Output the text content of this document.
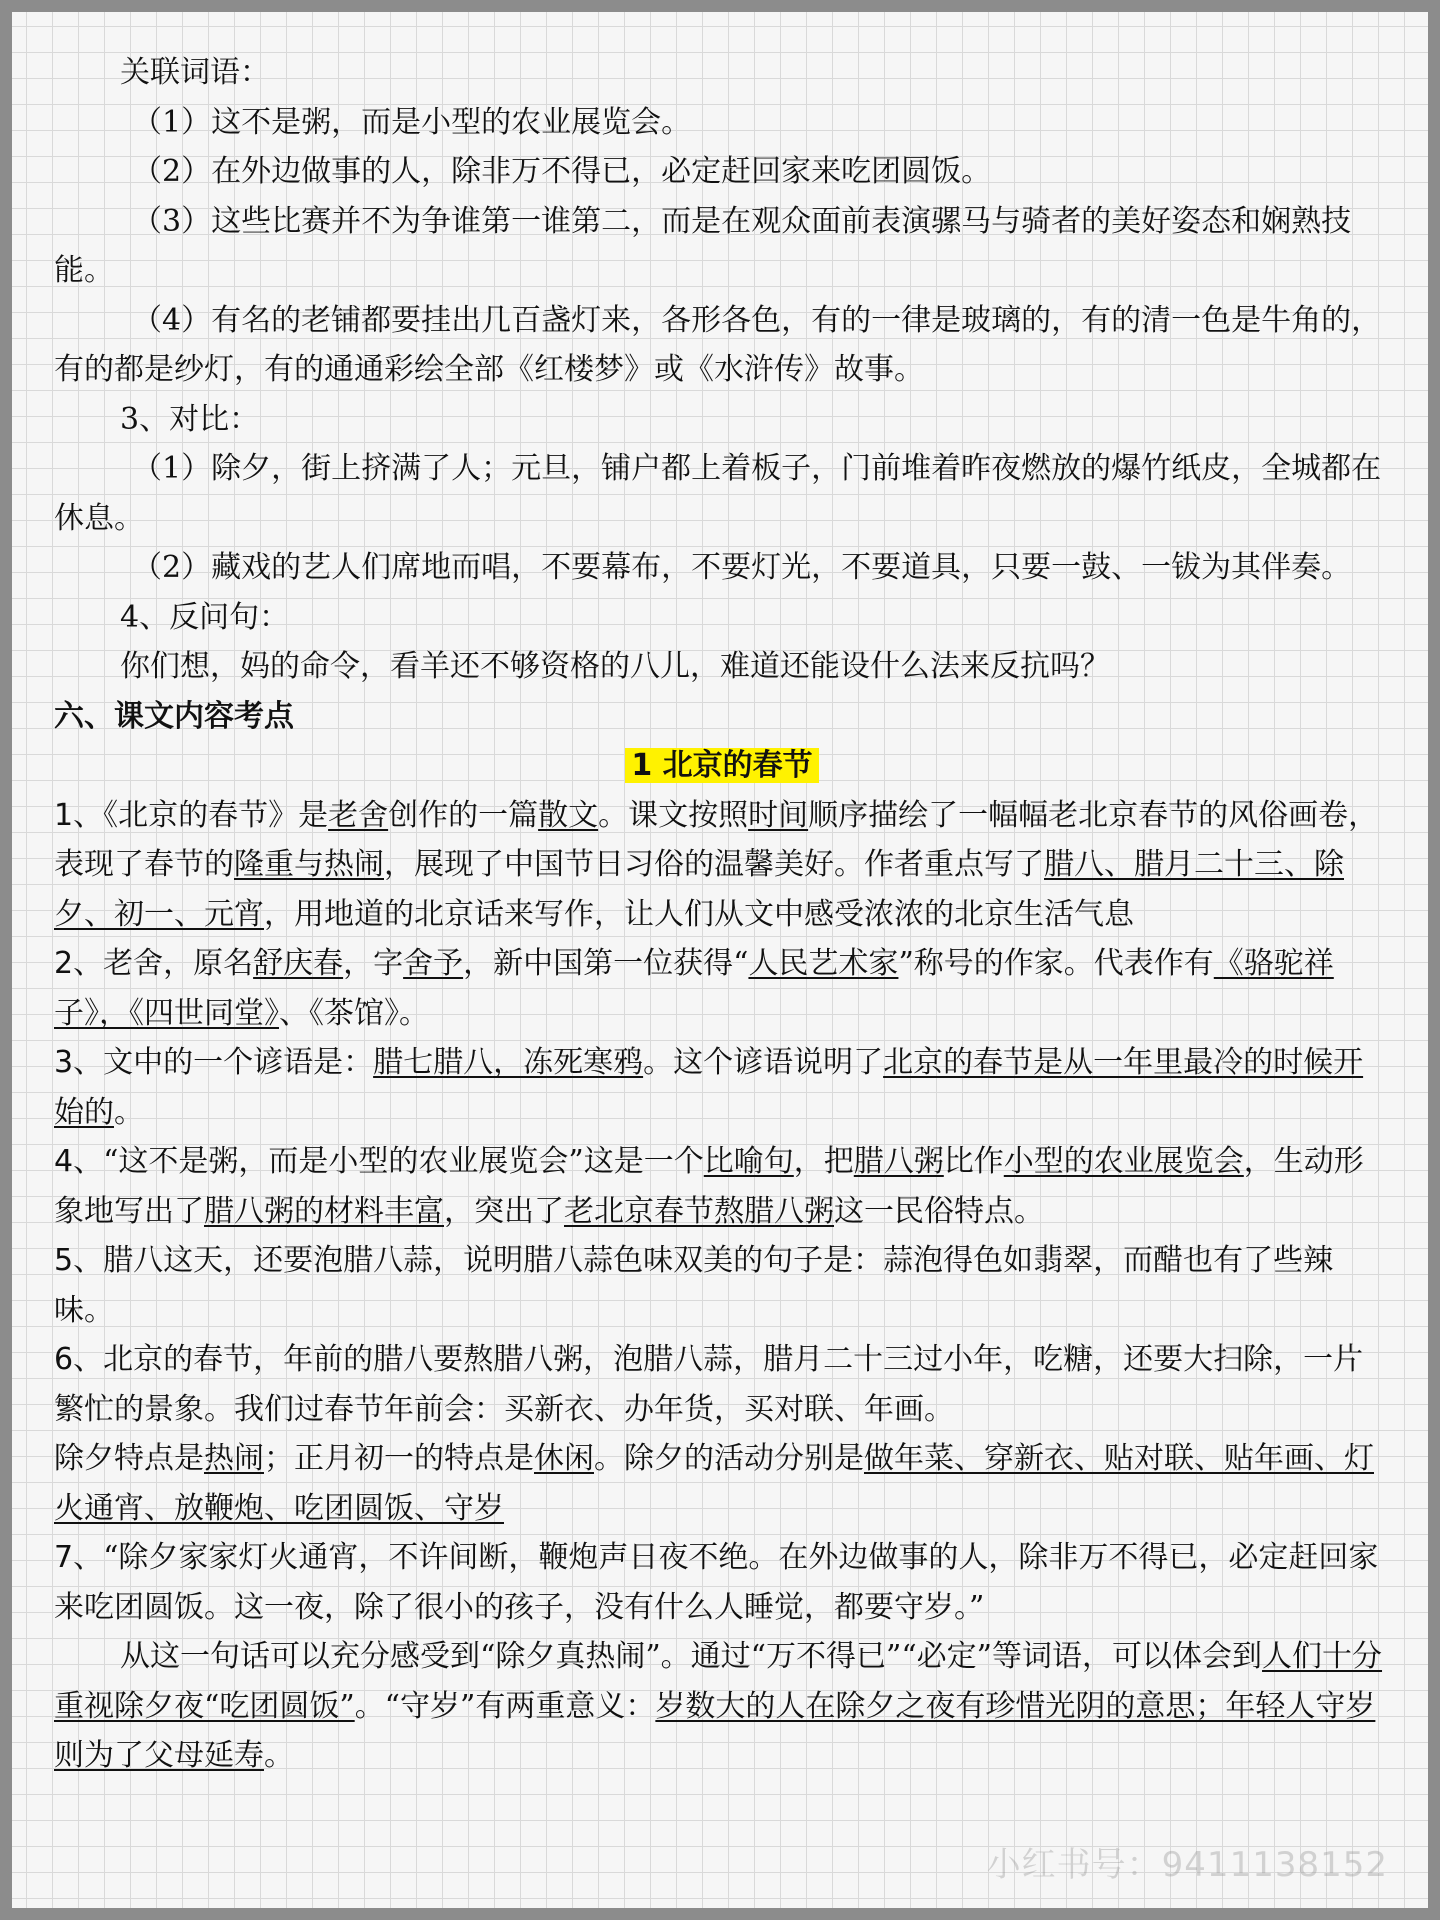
关联词语：

（1）这不是粥，而是小型的农业展览会。

（2）在外边做事的人，除非万不得已，必定赶回家来吃团圆饭。

（3）这些比赛并不为争谁第一谁第二，而是在观众面前表演骡马与骑者的美好姿态和娴熟技能。

（4）有名的老铺都要挂出几百盏灯来，各形各色，有的一律是玻璃的，有的清一色是牛角的，有的都是纱灯，有的通通彩绘全部《红楼梦》或《水浒传》故事。

3、对比：

（1）除夕，街上挤满了人；元旦，铺户都上着板子，门前堆着昨夜燃放的爆竹纸皮，全城都在休息。

（2）藏戏的艺人们席地而唱，不要幕布，不要灯光，不要道具，只要一鼓、一钹为其伴奏。

4、反问句：

你们想，妈的命令，看羊还不够资格的八儿，难道还能设什么法来反抗吗？

六、课文内容考点

1 北京的春节

1、《北京的春节》是老舍创作的一篇散文。课文按照时间顺序描绘了一幅幅老北京春节的风俗画卷，表现了春节的隆重与热闹，展现了中国节日习俗的温馨美好。作者重点写了腊八、腊月二十三、除夕、初一、元宵，用地道的北京话来写作，让人们从文中感受浓浓的北京生活气息

2、老舍，原名舒庆春，字舍予，新中国第一位获得“人民艺术家”称号的作家。代表作有《骆驼祥子》，《四世同堂》、《茶馆》。

3、文中的一个谚语是：腊七腊八，冻死寒鸦。这个谚语说明了北京的春节是从一年里最冷的时候开始的。

4、“这不是粥，而是小型的农业展览会”这是一个比喻句，把腊八粥比作小型的农业展览会，生动形象地写出了腊八粥的材料丰富，突出了老北京春节熬腊八粥这一民俗特点。

5、腊八这天，还要泡腊八蒜，说明腊八蒜色味双美的句子是：蒜泡得色如翡翠，而醋也有了些辣味。

6、北京的春节，年前的腊八要熬腊八粥，泡腊八蒜，腊月二十三过小年，吃糖，还要大扫除，一片繁忙的景象。我们过春节年前会：买新衣、办年货，买对联、年画。

除夕特点是热闹；正月初一的特点是休闲。除夕的活动分别是做年菜、穿新衣、贴对联、贴年画、灯火通宵、放鞭炮、吃团圆饭、守岁

7、“除夕家家灯火通宵，不许间断，鞭炮声日夜不绝。在外边做事的人，除非万不得已，必定赶回家来吃团圆饭。这一夜，除了很小的孩子，没有什么人睡觉，都要守岁。”

从这一句话可以充分感受到“除夕真热闹”。通过“万不得已”“必定”等词语，可以体会到人们十分重视除夕夜“吃团圆饭”。“守岁”有两重意义：岁数大的人在除夕之夜有珍惜光阴的意思；年轻人守岁则为了父母延寿。

小红书号：9411138152
